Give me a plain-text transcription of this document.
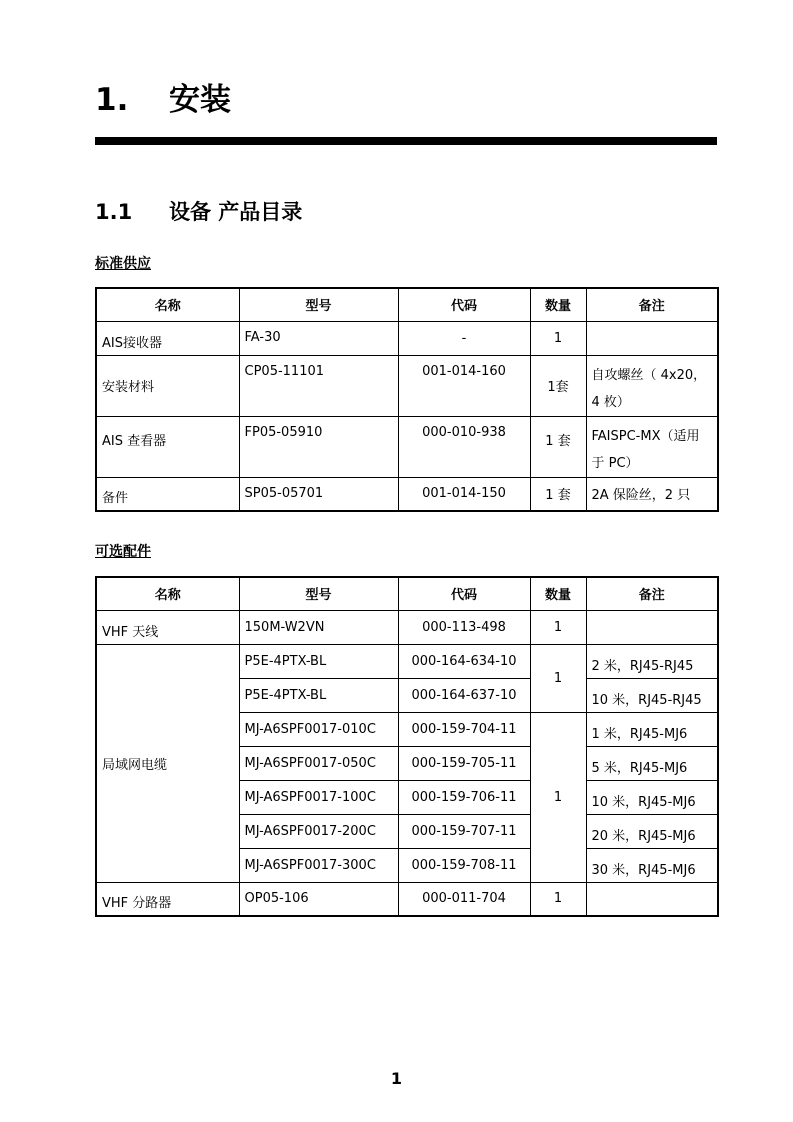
1. 安装
1.1 设备 产品目录
标准供应
名称	型号	代码	数量	备注
AIS接收器	FA-30	-	1	
安装材料	CP05-11101	001-014-160	1套	自攻螺丝（ 4x20，4 枚）
AIS 查看器	FP05-05910	000-010-938	1 套	FAISPC-MX（适用于 PC）
备件	SP05-05701	001-014-150	1 套	2A 保险丝，2 只
可选配件
名称	型号	代码	数量	备注
VHF 天线	150M-W2VN	000-113-498	1	
局域网电缆	P5E-4PTX-BL	000-164-634-10	1	2 米，RJ45-RJ45
	P5E-4PTX-BL	000-164-637-10		10 米，RJ45-RJ45
	MJ-A6SPF0017-010C	000-159-704-11	1	1 米，RJ45-MJ6
	MJ-A6SPF0017-050C	000-159-705-11		5 米，RJ45-MJ6
	MJ-A6SPF0017-100C	000-159-706-11		10 米，RJ45-MJ6
	MJ-A6SPF0017-200C	000-159-707-11		20 米，RJ45-MJ6
	MJ-A6SPF0017-300C	000-159-708-11		30 米，RJ45-MJ6
VHF 分路器	OP05-106	000-011-704	1	
1
